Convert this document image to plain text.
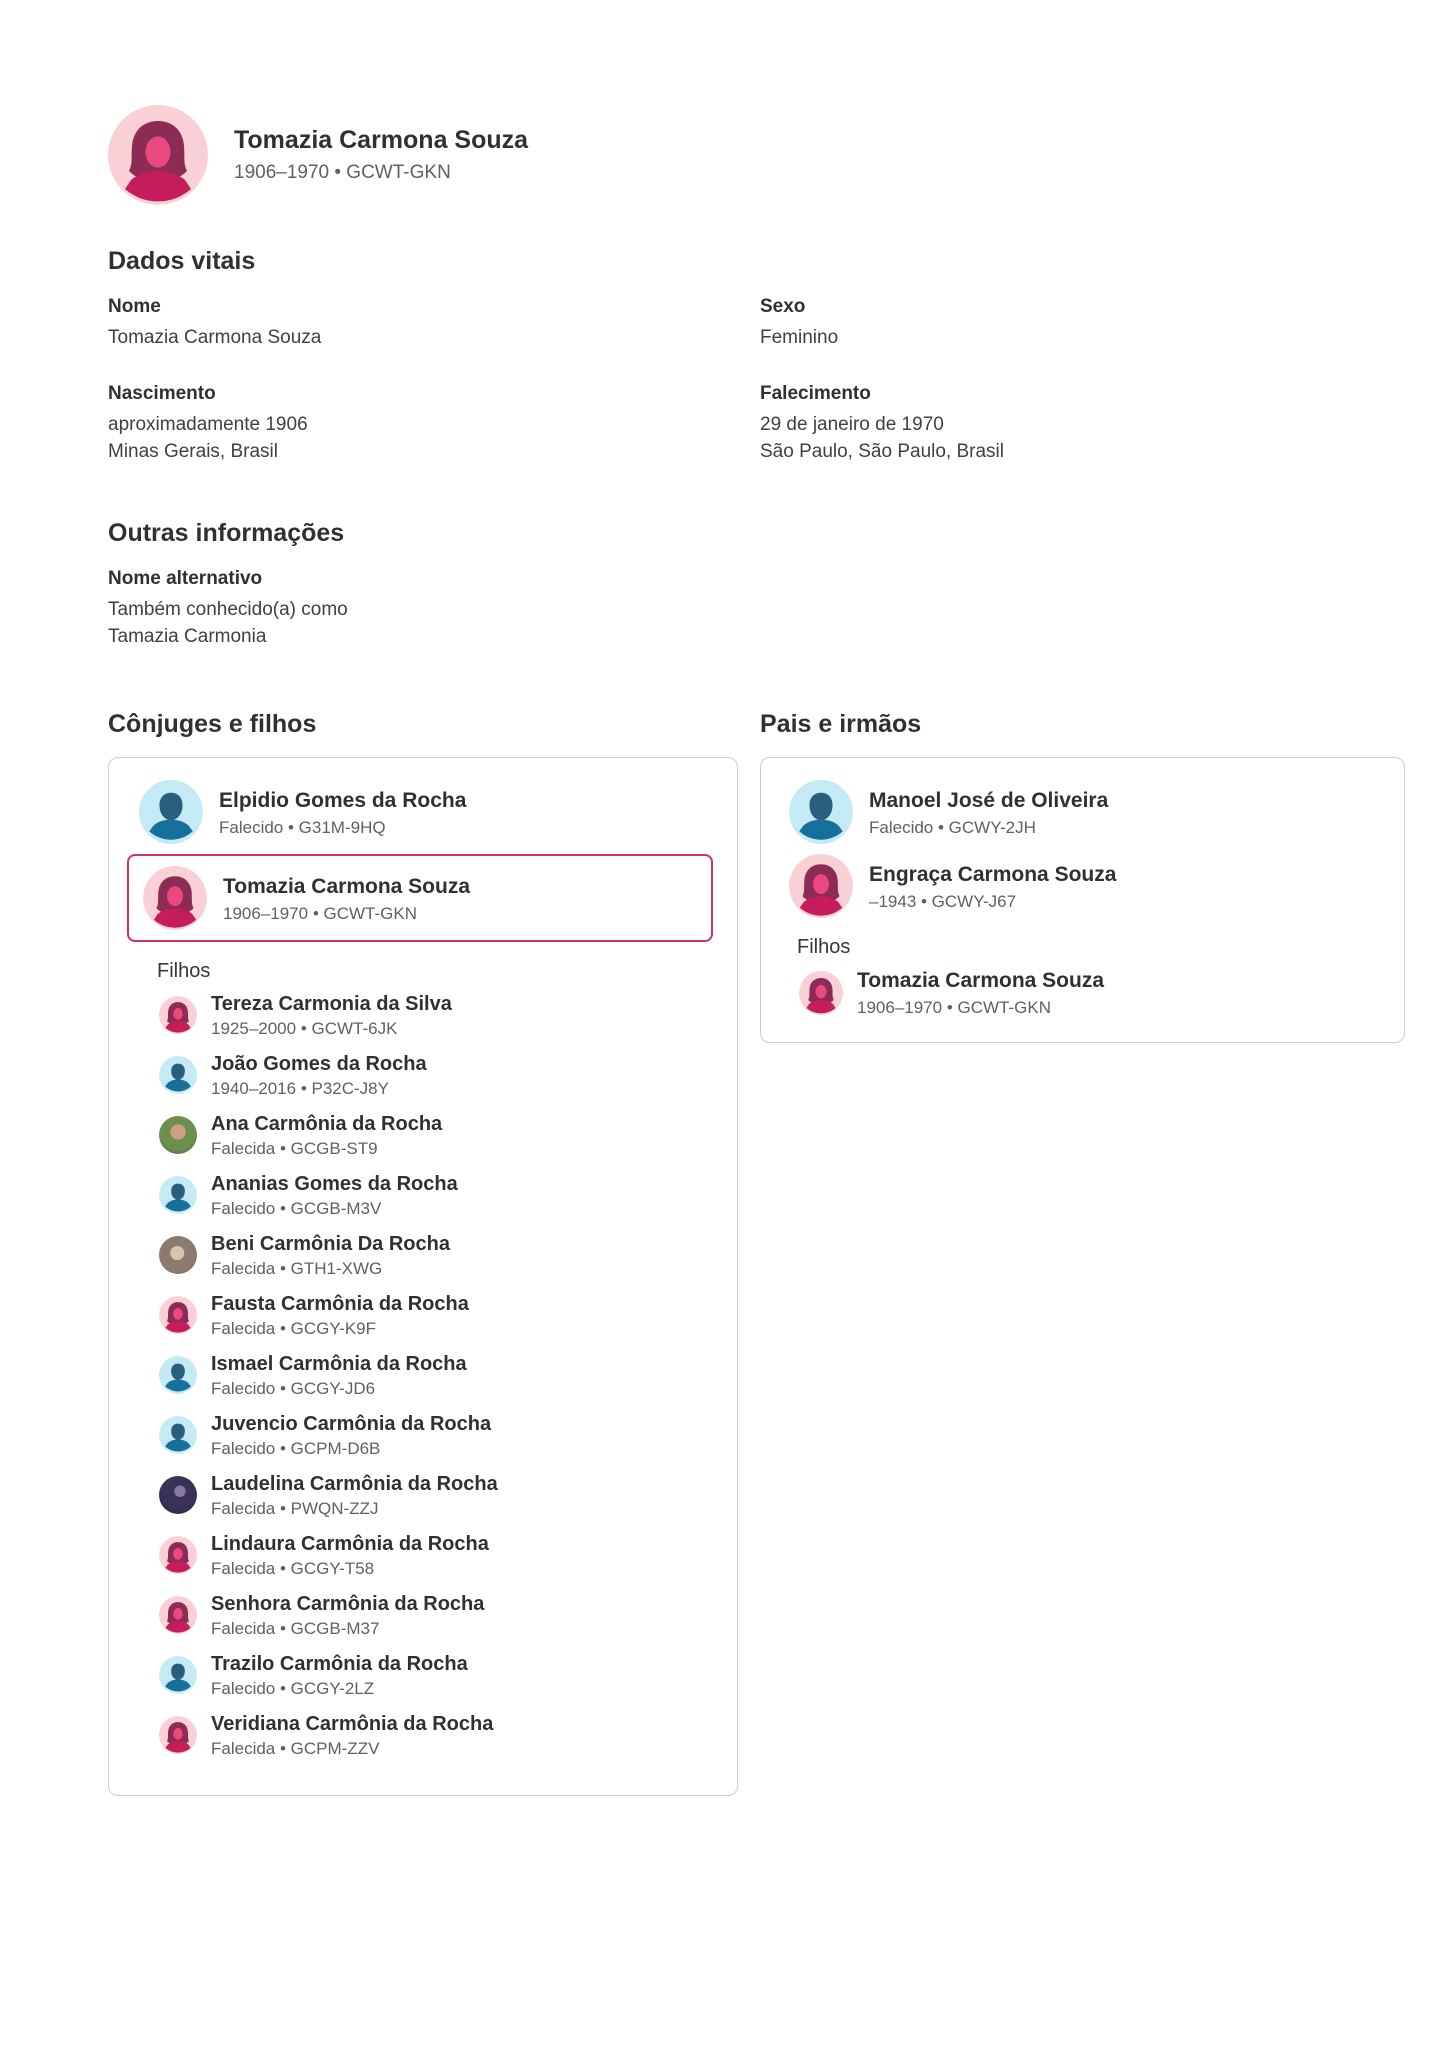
Tomazia Carmona Souza
1906–1970 • GCWT-GKN
Dados vitais
Nome
Tomazia Carmona Souza
Sexo
Feminino
Nascimento
aproximadamente 1906
Minas Gerais, Brasil
Falecimento
29 de janeiro de 1970
São Paulo, São Paulo, Brasil
Outras informações
Nome alternativo
Também conhecido(a) como
Tamazia Carmonia
Cônjuges e filhos
Elpidio Gomes da Rocha
Falecido • G31M-9HQ
Tomazia Carmona Souza
1906–1970 • GCWT-GKN
Filhos
Tereza Carmonia da Silva
1925–2000 • GCWT-6JK
João Gomes da Rocha
1940–2016 • P32C-J8Y
Ana Carmônia da Rocha
Falecida • GCGB-ST9
Ananias Gomes da Rocha
Falecido • GCGB-M3V
Beni Carmônia Da Rocha
Falecida • GTH1-XWG
Fausta Carmônia da Rocha
Falecida • GCGY-K9F
Ismael Carmônia da Rocha
Falecido • GCGY-JD6
Juvencio Carmônia da Rocha
Falecido • GCPM-D6B
Laudelina Carmônia da Rocha
Falecida • PWQN-ZZJ
Lindaura Carmônia da Rocha
Falecida • GCGY-T58
Senhora Carmônia da Rocha
Falecida • GCGB-M37
Trazilo Carmônia da Rocha
Falecido • GCGY-2LZ
Veridiana Carmônia da Rocha
Falecida • GCPM-ZZV
Pais e irmãos
Manoel José de Oliveira
Falecido • GCWY-2JH
Engraça Carmona Souza
–1943 • GCWY-J67
Filhos
Tomazia Carmona Souza
1906–1970 • GCWT-GKN
